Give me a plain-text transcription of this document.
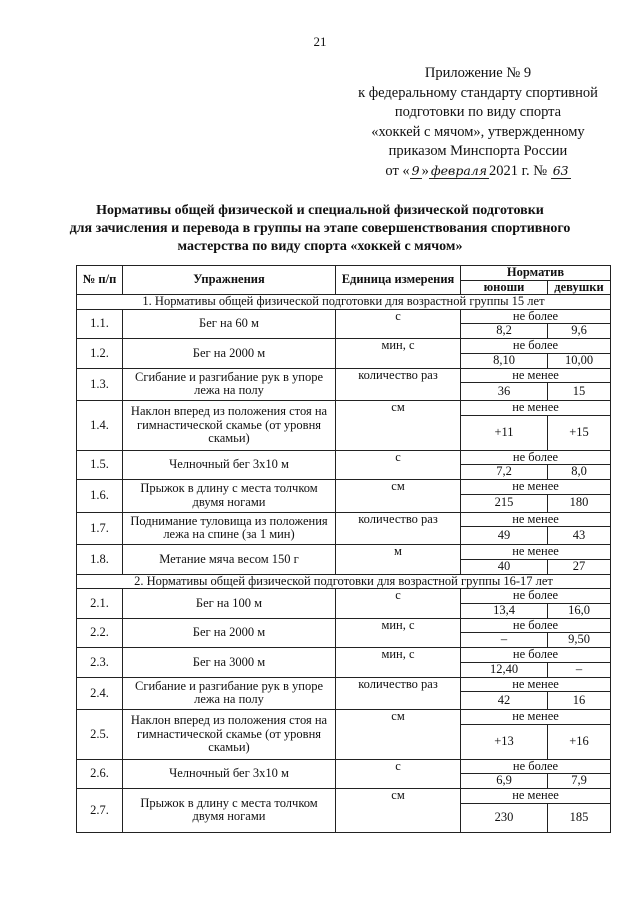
21
Приложение № 9
к федеральному стандарту спортивной
подготовки по виду спорта
«хоккей с мячом», утвержденному
приказом Минспорта России
от « 9 » февраля 2021 г. № 63
Нормативы общей физической и специальной физической подготовки
для зачисления и перевода в группы на этапе совершенствования спортивного
мастерства по виду спорта «хоккей с мячом»
№ п/п	Упражнения	Единица измерения	Норматив	
			юноши	девушки
1. Нормативы общей физической подготовки для возрастной группы 15 лет				
1.1.	Бег на 60 м	с	не более	
			8,2	9,6
1.2.	Бег на 2000 м	мин, с	не более	
			8,10	10,00
1.3.	Сгибание и разгибание рук в упоре лежа на полу	количество раз	не менее	
			36	15
1.4.	Наклон вперед из положения стоя на гимнастической скамье (от уровня скамьи)	см	не менее	
			+11	+15
1.5.	Челночный бег 3x10 м	с	не более	
			7,2	8,0
1.6.	Прыжок в длину с места толчком двумя ногами	см	не менее	
			215	180
1.7.	Поднимание туловища из положения лежа на спине (за 1 мин)	количество раз	не менее	
			49	43
1.8.	Метание мяча весом 150 г	м	не менее	
			40	27
2. Нормативы общей физической подготовки для возрастной группы 16-17 лет				
2.1.	Бег на 100 м	с	не более	
			13,4	16,0
2.2.	Бег на 2000 м	мин, с	не более	
			–	9,50
2.3.	Бег на 3000 м	мин, с	не более	
			12,40	–
2.4.	Сгибание и разгибание рук в упоре лежа на полу	количество раз	не менее	
			42	16
2.5.	Наклон вперед из положения стоя на гимнастической скамье (от уровня скамьи)	см	не менее	
			+13	+16
2.6.	Челночный бег 3x10 м	с	не более	
			6,9	7,9
2.7.	Прыжок в длину с места толчком двумя ногами	см	не менее	
			230	185
